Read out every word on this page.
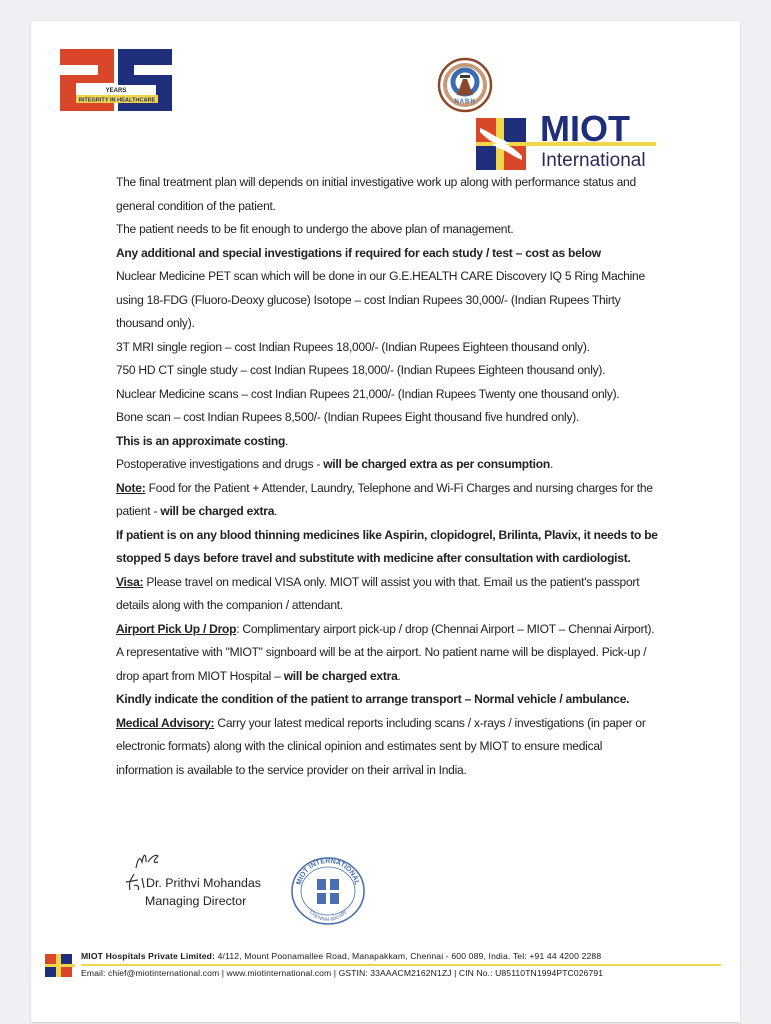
YEARS
INTEGRITY IN HEALTHCARE	NABH
MIOT
International

The final treatment plan will depends on initial investigative work up along with performance status and general condition of the patient.

The patient needs to be fit enough to undergo the above plan of management.

Any additional and special investigations if required for each study / test – cost as below

Nuclear Medicine PET scan which will be done in our G.E.HEALTH CARE Discovery IQ 5 Ring Machine using 18-FDG (Fluoro-Deoxy glucose) Isotope – cost Indian Rupees 30,000/- (Indian Rupees Thirty thousand only).

3T MRI single region – cost Indian Rupees 18,000/- (Indian Rupees Eighteen thousand only).

750 HD CT single study – cost Indian Rupees 18,000/- (Indian Rupees Eighteen thousand only).

Nuclear Medicine scans – cost Indian Rupees 21,000/- (Indian Rupees Twenty one thousand only).

Bone scan – cost Indian Rupees 8,500/- (Indian Rupees Eight thousand five hundred only).

This is an approximate costing.

Postoperative investigations and drugs - will be charged extra as per consumption.

Note: Food for the Patient + Attender, Laundry, Telephone and Wi-Fi Charges and nursing charges for the patient - will be charged extra.

If patient is on any blood thinning medicines like Aspirin, clopidogrel, Brilinta, Plavix, it needs to be stopped 5 days before travel and substitute with medicine after consultation with cardiologist.

Visa: Please travel on medical VISA only. MIOT will assist you with that. Email us the patient's passport details along with the companion / attendant.

Airport Pick Up / Drop: Complimentary airport pick-up / drop (Chennai Airport – MIOT – Chennai Airport). A representative with "MIOT" signboard will be at the airport. No patient name will be displayed. Pick-up / drop apart from MIOT Hospital – will be charged extra.

Kindly indicate the condition of the patient to arrange transport – Normal vehicle / ambulance.

Medical Advisory: Carry your latest medical reports including scans / x-rays / investigations (in paper or electronic formats) along with the clinical opinion and estimates sent by MIOT to ensure medical information is available to the service provider on their arrival in India.

Dr. Prithvi Mohandas
Managing Director
MIOT INTERNATIONAL
CHENNAI-600 089
MIOT Hospitals Private Limited: 4/112, Mount Poonamallee Road, Manapakkam, Chennai - 600 089, India. Tel: +91 44 4200 2288
Email: chief@miotinternational.com | www.miotinternational.com | GSTIN: 33AAACM2162N1ZJ | CIN No.: U85110TN1994PTC026791
